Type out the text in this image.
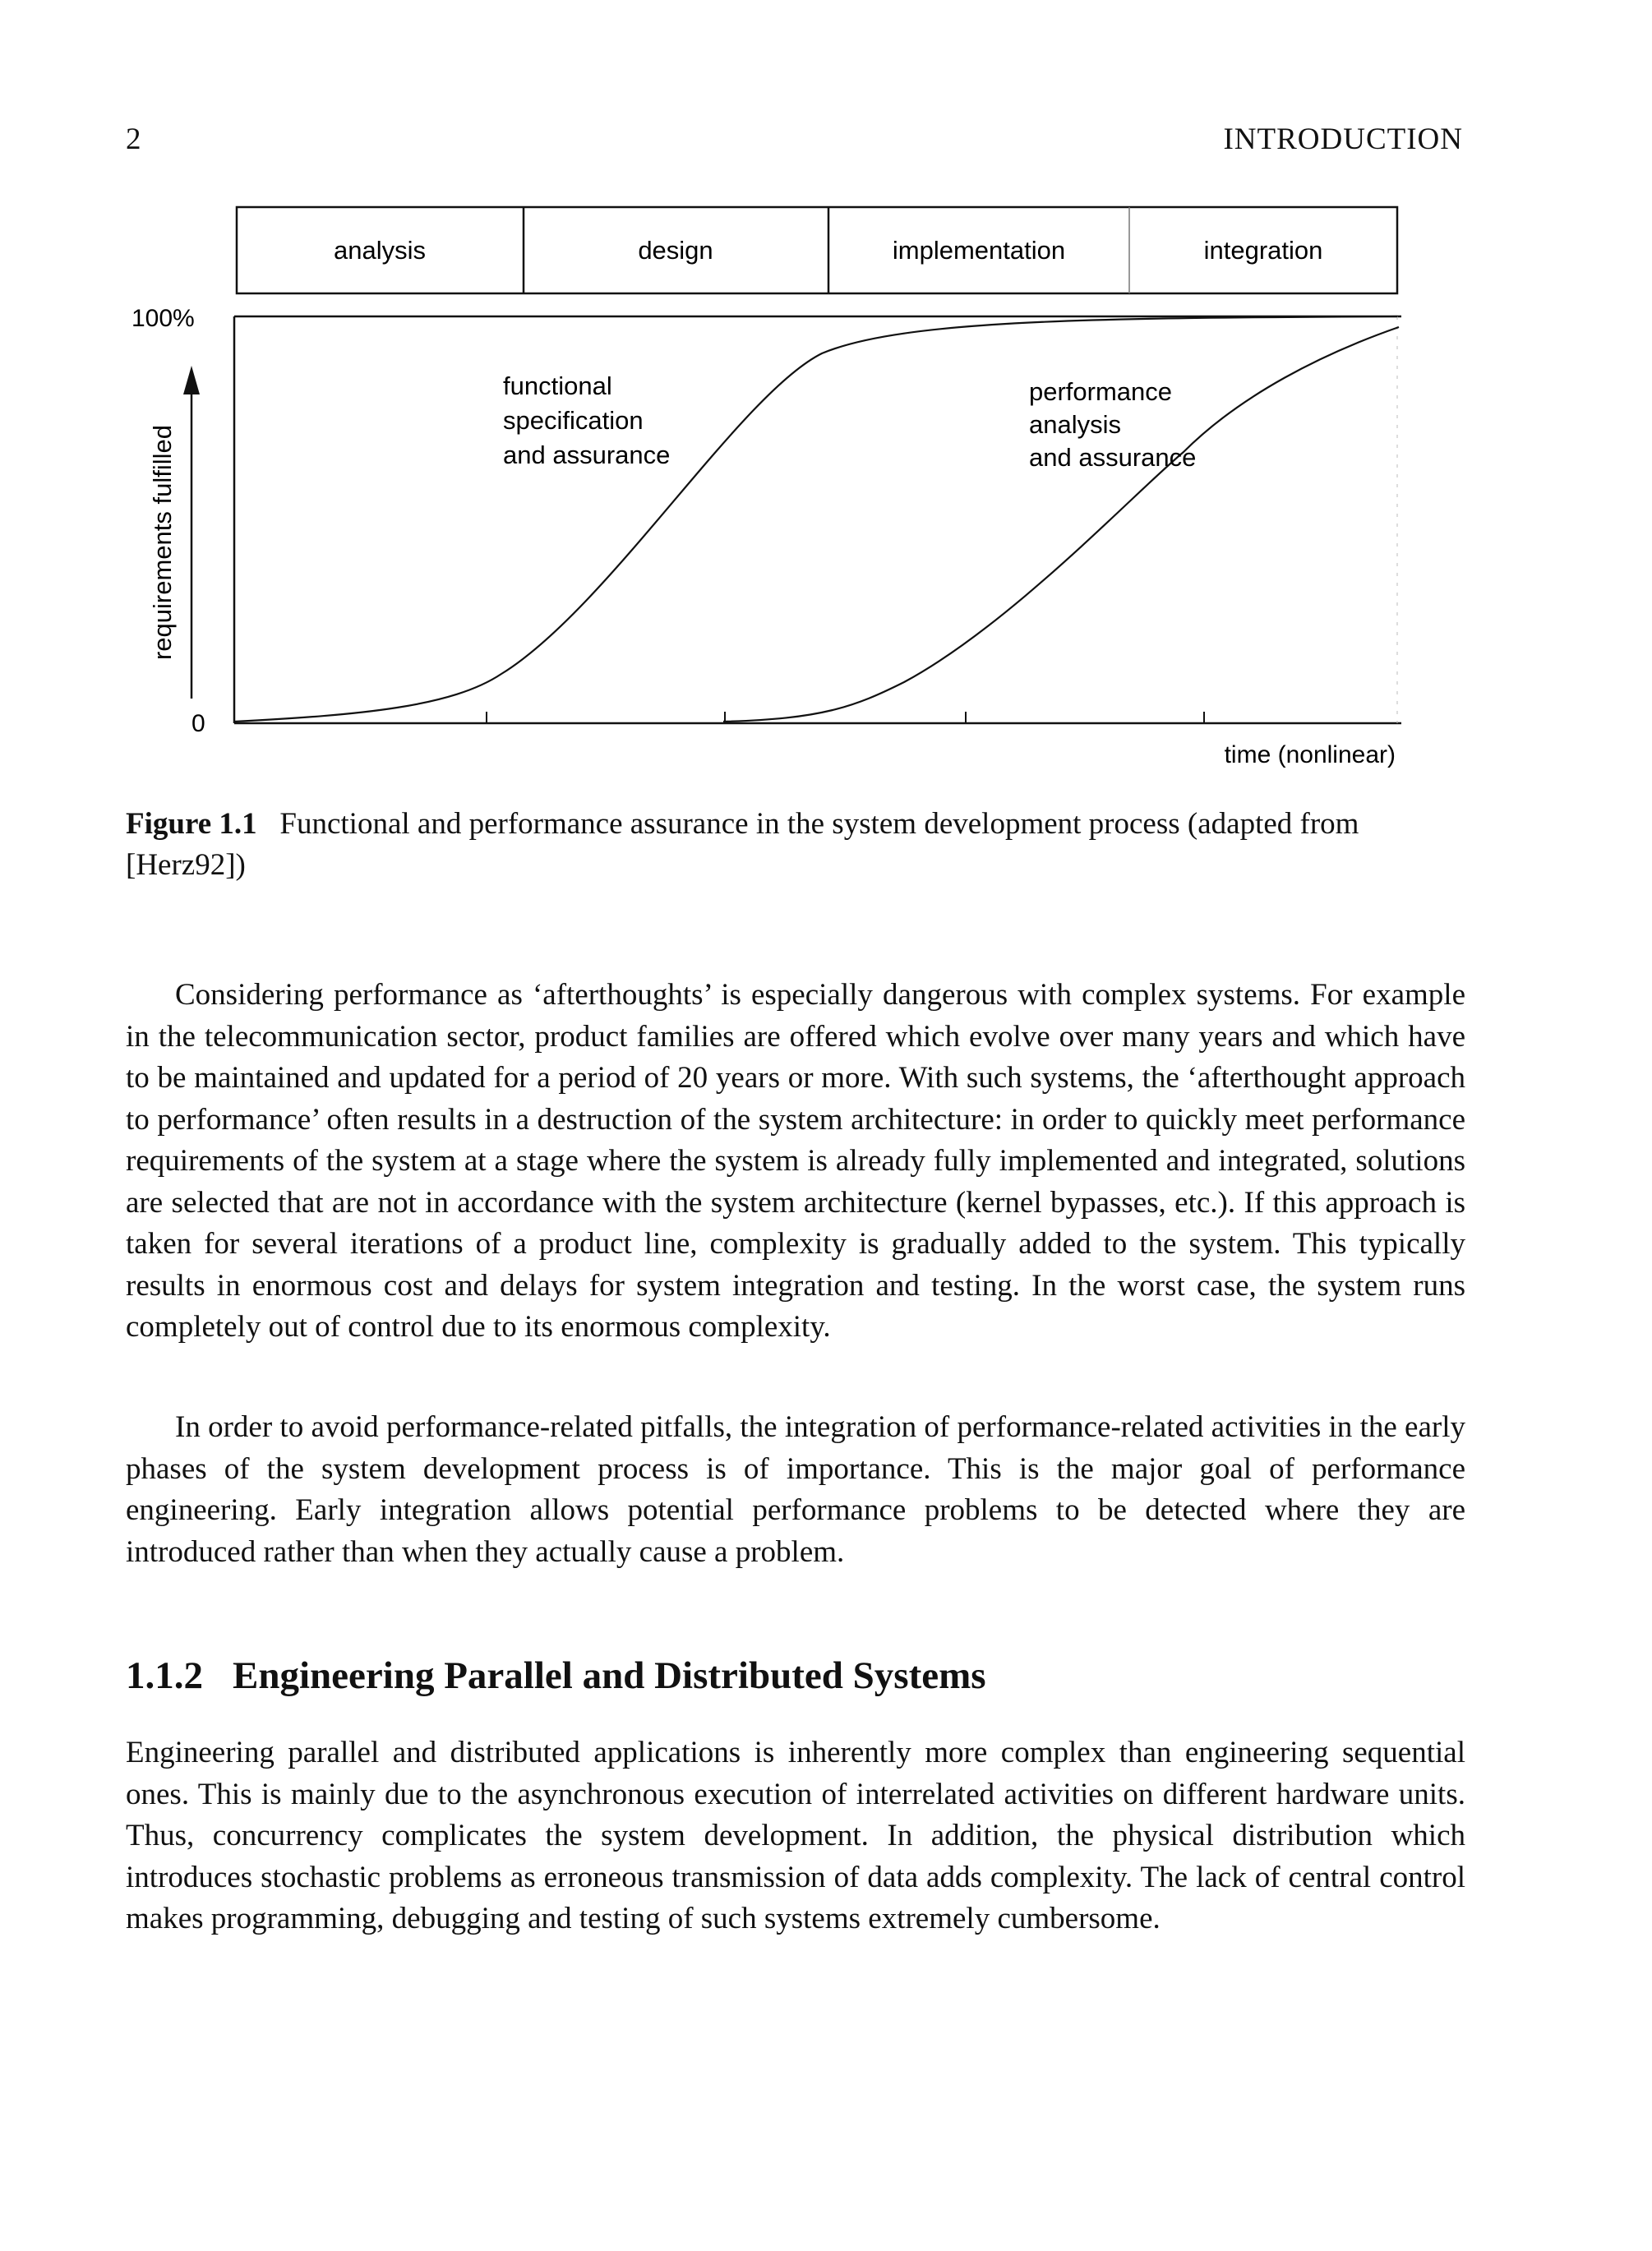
2	INTRODUCTION
analysis	design	implementation	integration
100%
0
requirements fulfilled
functional specification and assurance
performance analysis and assurance
time (nonlinear)
Figure 1.1 Functional and performance assurance in the system development process (adapted from [Herz92])

Considering performance as ‘afterthoughts’ is especially dangerous with complex systems. For example in the telecommunication sector, product families are offered which evolve over many years and which have to be maintained and updated for a period of 20 years or more. With such systems, the ‘afterthought approach to performance’ often results in a destruction of the system architecture: in order to quickly meet performance requirements of the system at a stage where the system is already fully implemented and integrated, solutions are selected that are not in accordance with the system architecture (kernel bypasses, etc.). If this approach is taken for several iterations of a product line, complexity is gradually added to the system. This typically results in enormous cost and delays for system integration and testing. In the worst case, the system runs completely out of control due to its enormous complexity.

In order to avoid performance-related pitfalls, the integration of performance-related activities in the early phases of the system development process is of importance. This is the major goal of performance engineering. Early integration allows potential performance problems to be detected where they are introduced rather than when they actually cause a problem.

1.1.2 Engineering Parallel and Distributed Systems

Engineering parallel and distributed applications is inherently more complex than engineering sequential ones. This is mainly due to the asynchronous execution of interrelated activities on different hardware units. Thus, concurrency complicates the system development. In addition, the physical distribution which introduces stochastic problems as erroneous transmission of data adds complexity. The lack of central control makes programming, debugging and testing of such systems extremely cumbersome.
